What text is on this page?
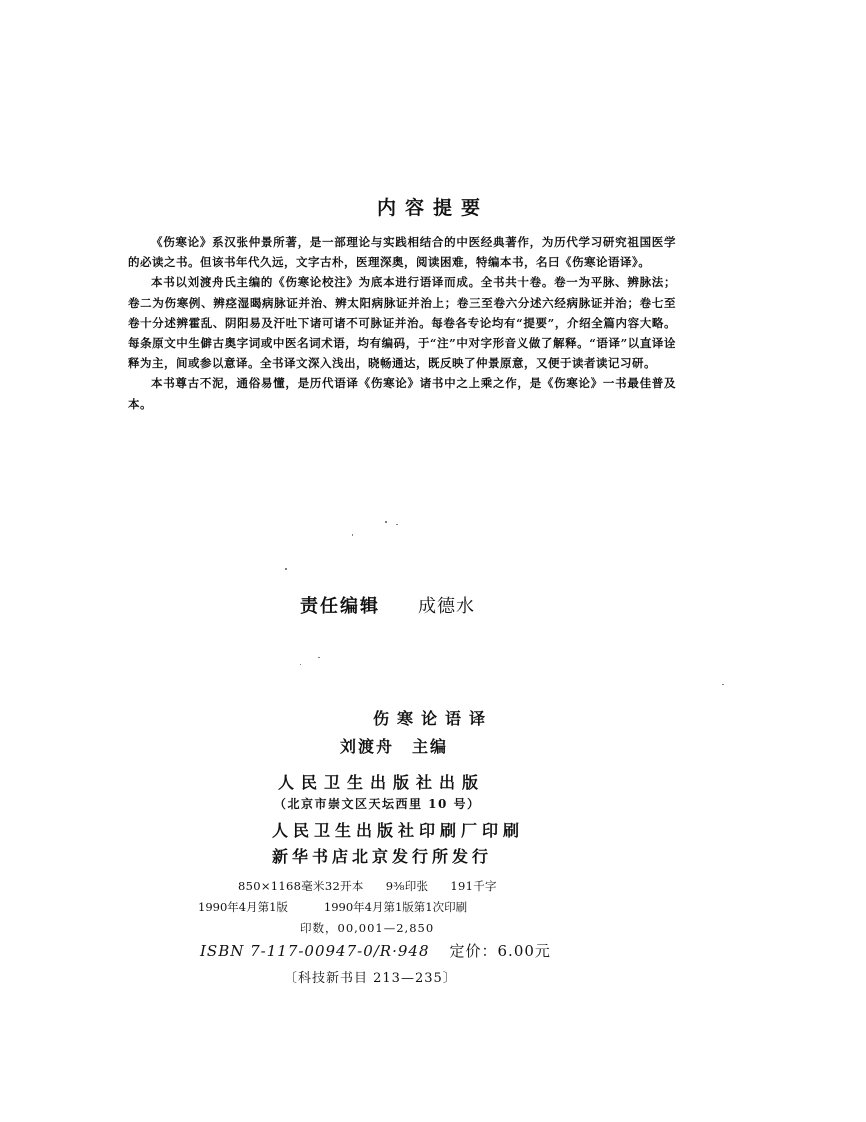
内容提要

《伤寒论》系汉张仲景所著，是一部理论与实践相结合的中医经典著作，为历代学习研究祖国医学的必读之书。但该书年代久远，文字古朴，医理深奥，阅读困难，特编本书，名曰《伤寒论语译》。

本书以刘渡舟氏主编的《伤寒论校注》为底本进行语译而成。全书共十卷。卷一为平脉、辨脉法；卷二为伤寒例、辨痉湿暍病脉证并治、辨太阳病脉证并治上；卷三至卷六分述六经病脉证并治；卷七至卷十分述辨霍乱、阴阳易及汗吐下诸可诸不可脉证并治。每卷各专论均有“提要”，介绍全篇内容大略。每条原文中生僻古奥字词或中医名词术语，均有编码，于“注”中对字形音义做了解释。“语译”以直译诠释为主，间或参以意译。全书译文深入浅出，晓畅通达，既反映了仲景原意，又便于读者读记习研。

本书尊古不泥，通俗易懂，是历代语译《伤寒论》诸书中之上乘之作，是《伤寒论》一书最佳普及本。

责任编辑 成德水
伤寒论语译
刘渡舟 主编
人民卫生出版社出版
（北京市崇文区天坛西里 10 号）
人民卫生出版社印刷厂印刷
新华书店北京发行所发行
850×1168毫米32开本 9⅜印张 191千字
1990年4月第1版	1990年4月第1版第1次印刷
印数，00,001—2,850
ISBN 7-117-00947-0/R·948 定价：6.00元
〔科技新书目 213—235〕
